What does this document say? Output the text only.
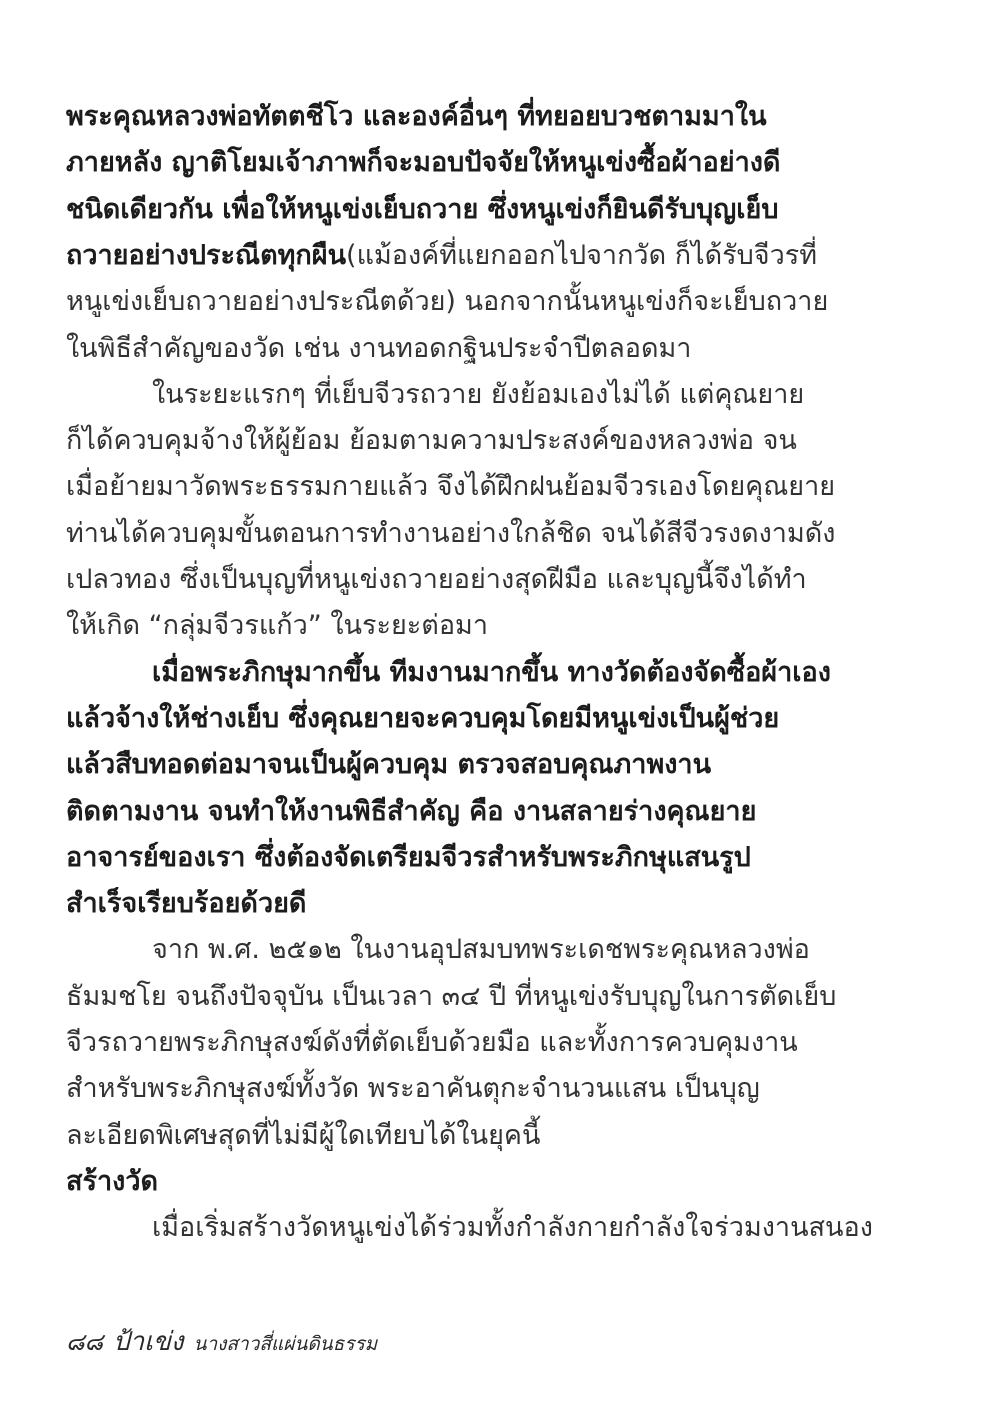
พระคุณหลวงพ่อทัตตชีโว และองค์อื่นๆ ที่ทยอยบวชตามมาใน
ภายหลัง ญาติโยมเจ้าภาพก็จะมอบปัจจัยให้หนูเข่งซื้อผ้าอย่างดี
ชนิดเดียวกัน เพื่อให้หนูเข่งเย็บถวาย ซึ่งหนูเข่งก็ยินดีรับบุญเย็บ
ถวายอย่างประณีตทุกผืน(แม้องค์ที่แยกออกไปจากวัด ก็ได้รับจีวรที่
หนูเข่งเย็บถวายอย่างประณีตด้วย) นอกจากนั้นหนูเข่งก็จะเย็บถวาย
ในพิธีสำคัญของวัด เช่น งานทอดกฐินประจำปีตลอดมา
ในระยะแรกๆ ที่เย็บจีวรถวาย ยังย้อมเองไม่ได้ แต่คุณยาย
ก็ได้ควบคุมจ้างให้ผู้ย้อม ย้อมตามความประสงค์ของหลวงพ่อ จน
เมื่อย้ายมาวัดพระธรรมกายแล้ว จึงได้ฝึกฝนย้อมจีวรเองโดยคุณยาย
ท่านได้ควบคุมขั้นตอนการทำงานอย่างใกล้ชิด จนได้สีจีวรงดงามดัง
เปลวทอง ซึ่งเป็นบุญที่หนูเข่งถวายอย่างสุดฝีมือ และบุญนี้จึงได้ทำ
ให้เกิด “กลุ่มจีวรแก้ว” ในระยะต่อมา
เมื่อพระภิกษุมากขึ้น ทีมงานมากขึ้น ทางวัดต้องจัดซื้อผ้าเอง
แล้วจ้างให้ช่างเย็บ ซึ่งคุณยายจะควบคุมโดยมีหนูเข่งเป็นผู้ช่วย
แล้วสืบทอดต่อมาจนเป็นผู้ควบคุม ตรวจสอบคุณภาพงาน
ติดตามงาน จนทำให้งานพิธีสำคัญ คือ งานสลายร่างคุณยาย
อาจารย์ของเรา ซึ่งต้องจัดเตรียมจีวรสำหรับพระภิกษุแสนรูป
สำเร็จเรียบร้อยด้วยดี
จาก พ.ศ. ๒๕๑๒ ในงานอุปสมบทพระเดชพระคุณหลวงพ่อ
ธัมมชโย จนถึงปัจจุบัน เป็นเวลา ๓๔ ปี ที่หนูเข่งรับบุญในการตัดเย็บ
จีวรถวายพระภิกษุสงฆ์ดังที่ตัดเย็บด้วยมือ และทั้งการควบคุมงาน
สำหรับพระภิกษุสงฆ์ทั้งวัด พระอาคันตุกะจำนวนแสน เป็นบุญ
ละเอียดพิเศษสุดที่ไม่มีผู้ใดเทียบได้ในยุคนี้
สร้างวัด
เมื่อเริ่มสร้างวัดหนูเข่งได้ร่วมทั้งกำลังกายกำลังใจร่วมงานสนอง
๘๘ ป้าเข่ง นางสาวสี่แผ่นดินธรรม
